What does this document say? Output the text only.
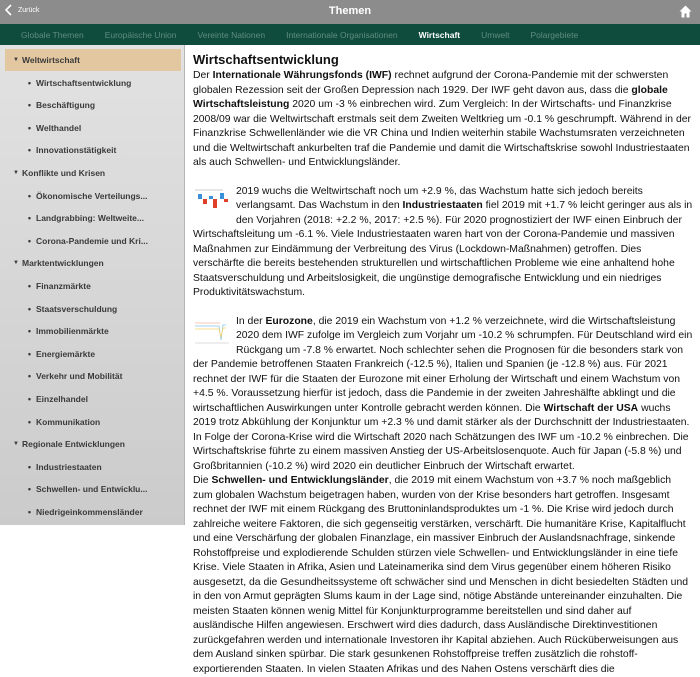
Zurück	Themen
Globale Themen Europäische Union Vereinte Nationen Internationale Organisationen Wirtschaft Umwelt Polargebiete
▼ Weltwirtschaft
• Wirtschaftsentwicklung
• Beschäftigung
• Welthandel
• Innovationstätigkeit
▼ Konflikte und Krisen
• Ökonomische Verteilungs...
• Landgrabbing: Weltweite...
• Corona-Pandemie und Kri...
▼ Marktentwicklungen
• Finanzmärkte
• Staatsverschuldung
• Immobilienmärkte
• Energiemärkte
• Verkehr und Mobilität
• Einzelhandel
• Kommunikation
▼ Regionale Entwicklungen
• Industriestaaten
• Schwellen- und Entwicklu...
• Niedrigeinkommensländer
Wirtschaftsentwicklung

Der Internationale Währungsfonds (IWF) rechnet aufgrund der Corona-Pandemie mit der schwersten globalen Rezession seit der Großen Depression nach 1929. Der IWF geht davon aus, dass die globale Wirtschaftsleistung 2020 um -3 % einbrechen wird. Zum Vergleich: In der Wirtschafts- und Finanzkrise 2008/09 war die Weltwirtschaft erstmals seit dem Zweiten Weltkrieg um -0.1 % geschrumpft. Während in der Finanzkrise Schwellenländer wie die VR China und Indien weiterhin stabile Wachstumsraten verzeichneten und die Weltwirtschaft ankurbelten traf die Pandemie und damit die Wirtschaftskrise sowohl Industriestaaten als auch Schwellen- und Entwicklungsländer.

2019 wuchs die Weltwirtschaft noch um +2.9 %, das Wachstum hatte sich jedoch bereits verlangsamt. Das Wachstum in den Industriestaaten fiel 2019 mit +1.7 % leicht geringer aus als in den Vorjahren (2018: +2.2 %, 2017: +2.5 %). Für 2020 prognostiziert der IWF einen Einbruch der Wirtschaftsleitung um -6.1 %. Viele Industriestaaten waren hart von der Corona-Pandemie und massiven Maßnahmen zur Eindämmung der Verbreitung des Virus (Lockdown-Maßnahmen) getroffen. Dies verschärfte die bereits bestehenden strukturellen und wirtschaftlichen Probleme wie eine anhaltend hohe Staatsverschuldung und Arbeitslosigkeit, die ungünstige demografische Entwicklung und ein niedriges Produktivitätswachstum.

In der Eurozone, die 2019 ein Wachstum von +1.2 % verzeichnete, wird die Wirtschaftsleistung 2020 dem IWF zufolge im Vergleich zum Vorjahr um -10.2 % schrumpfen. Für Deutschland wird ein Rückgang um -7.8 % erwartet. Noch schlechter sehen die Prognosen für die besonders stark von der Pandemie betroffenen Staaten Frankreich (-12.5 %), Italien und Spanien (je -12.8 %) aus. Für 2021 rechnet der IWF für die Staaten der Eurozone mit einer Erholung der Wirtschaft und einem Wachstum von +4.5 %. Voraussetzung hierfür ist jedoch, dass die Pandemie in der zweiten Jahreshälfte abklingt und die wirtschaftlichen Auswirkungen unter Kontrolle gebracht werden können. Die Wirtschaft der USA wuchs 2019 trotz Abkühlung der Konjunktur um +2.3 % und damit stärker als der Durchschnitt der Industriestaaten. In Folge der Corona-Krise wird die Wirtschaft 2020 nach Schätzungen des IWF um -10.2 % einbrechen. Die Wirtschaftskrise führte zu einem massiven Anstieg der US-Arbeitslosenquote. Auch für Japan (-5.8 %) und Großbritannien (-10.2 %) wird 2020 ein deutlicher Einbruch der Wirtschaft erwartet.

Die Schwellen- und Entwicklungsländer, die 2019 mit einem Wachstum von +3.7 % noch maßgeblich zum globalen Wachstum beigetragen haben, wurden von der Krise besonders hart getroffen. Insgesamt rechnet der IWF mit einem Rückgang des Bruttoninlandsproduktes um -1 %. Die Krise wird jedoch durch zahlreiche weitere Faktoren, die sich gegenseitig verstärken, verschärft. Die humanitäre Krise, Kapitalflucht und eine Verschärfung der globalen Finanzlage, ein massiver Einbruch der Auslandsnachfrage, sinkende Rohstoffpreise und explodierende Schulden stürzen viele Schwellen- und Entwicklungsländer in eine tiefe Krise. Viele Staaten in Afrika, Asien und Lateinamerika sind dem Virus gegenüber einem höheren Risiko ausgesetzt, da die Gesundheitssysteme oft schwächer sind und Menschen in dicht besiedelten Städten und in den von Armut geprägten Slums kaum in der Lage sind, nötige Abstände untereinander einzuhalten. Die meisten Staaten können wenig Mittel für Konjunkturprogramme bereitstellen und sind daher auf ausländische Hilfen angewiesen. Erschwert wird dies dadurch, dass Ausländische Direktinvestitionen zurückgefahren werden und internationale Investoren ihr Kapital abziehen. Auch Rücküberweisungen aus dem Ausland sinken spürbar. Die stark gesunkenen Rohstoffpreise treffen zusätzlich die rohstoff-exportierenden Staaten. In vielen Staaten Afrikas und des Nahen Ostens verschärft dies die
